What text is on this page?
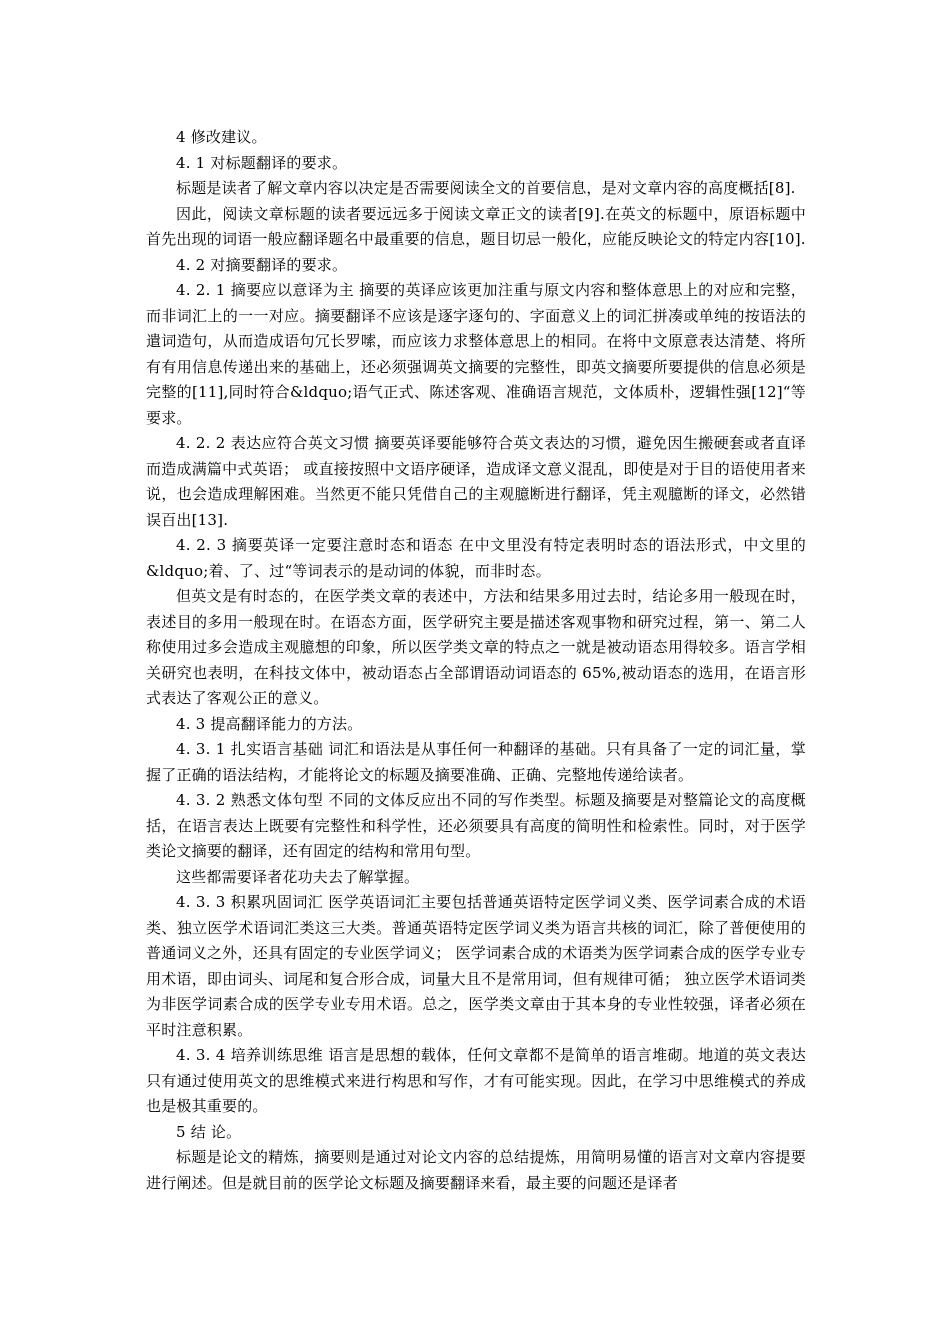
4 修改建议。

4. 1 对标题翻译的要求。

标题是读者了解文章内容以决定是否需要阅读全文的首要信息，是对文章内容的高度概括[8].

因此，阅读文章标题的读者要远远多于阅读文章正文的读者[9].在英文的标题中，原语标题中首先出现的词语一般应翻译题名中最重要的信息，题目切忌一般化，应能反映论文的特定内容[10].

4. 2 对摘要翻译的要求。

4. 2. 1 摘要应以意译为主 摘要的英译应该更加注重与原文内容和整体意思上的对应和完整，而非词汇上的一一对应。摘要翻译不应该是逐字逐句的、字面意义上的词汇拼凑或单纯的按语法的遣词造句，从而造成语句冗长罗嗦，而应该力求整体意思上的相同。在将中文原意表达清楚、将所有有用信息传递出来的基础上，还必须强调英文摘要的完整性，即英文摘要所要提供的信息必须是完整的[11],同时符合&ldquo;语气正式、陈述客观、准确语言规范，文体质朴，逻辑性强[12]“等要求。

4. 2. 2 表达应符合英文习惯 摘要英译要能够符合英文表达的习惯，避免因生搬硬套或者直译而造成满篇中式英语； 或直接按照中文语序硬译，造成译文意义混乱，即使是对于目的语使用者来说，也会造成理解困难。当然更不能只凭借自己的主观臆断进行翻译，凭主观臆断的译文，必然错误百出[13].

4. 2. 3 摘要英译一定要注意时态和语态 在中文里没有特定表明时态的语法形式，中文里的&ldquo;着、了、过“等词表示的是动词的体貌，而非时态。

但英文是有时态的，在医学类文章的表述中，方法和结果多用过去时，结论多用一般现在时，表述目的多用一般现在时。在语态方面，医学研究主要是描述客观事物和研究过程，第一、第二人称使用过多会造成主观臆想的印象，所以医学类文章的特点之一就是被动语态用得较多。语言学相关研究也表明，在科技文体中，被动语态占全部谓语动词语态的 65%,被动语态的选用，在语言形式表达了客观公正的意义。

4. 3 提高翻译能力的方法。

4. 3. 1 扎实语言基础 词汇和语法是从事任何一种翻译的基础。只有具备了一定的词汇量，掌握了正确的语法结构，才能将论文的标题及摘要准确、正确、完整地传递给读者。

4. 3. 2 熟悉文体句型 不同的文体反应出不同的写作类型。标题及摘要是对整篇论文的高度概括，在语言表达上既要有完整性和科学性，还必须要具有高度的简明性和检索性。同时，对于医学类论文摘要的翻译，还有固定的结构和常用句型。

这些都需要译者花功夫去了解掌握。

4. 3. 3 积累巩固词汇 医学英语词汇主要包括普通英语特定医学词义类、医学词素合成的术语类、独立医学术语词汇类这三大类。普通英语特定医学词义类为语言共核的词汇，除了普便使用的普通词义之外，还具有固定的专业医学词义； 医学词素合成的术语类为医学词素合成的医学专业专用术语，即由词头、词尾和复合形合成，词量大且不是常用词，但有规律可循； 独立医学术语词类为非医学词素合成的医学专业专用术语。总之，医学类文章由于其本身的专业性较强，译者必须在平时注意积累。

4. 3. 4 培养训练思维 语言是思想的载体，任何文章都不是简单的语言堆砌。地道的英文表达只有通过使用英文的思维模式来进行构思和写作，才有可能实现。因此，在学习中思维模式的养成也是极其重要的。

5 结 论。

标题是论文的精炼，摘要则是通过对论文内容的总结提炼，用简明易懂的语言对文章内容提要进行阐述。但是就目前的医学论文标题及摘要翻译来看，最主要的问题还是译者
